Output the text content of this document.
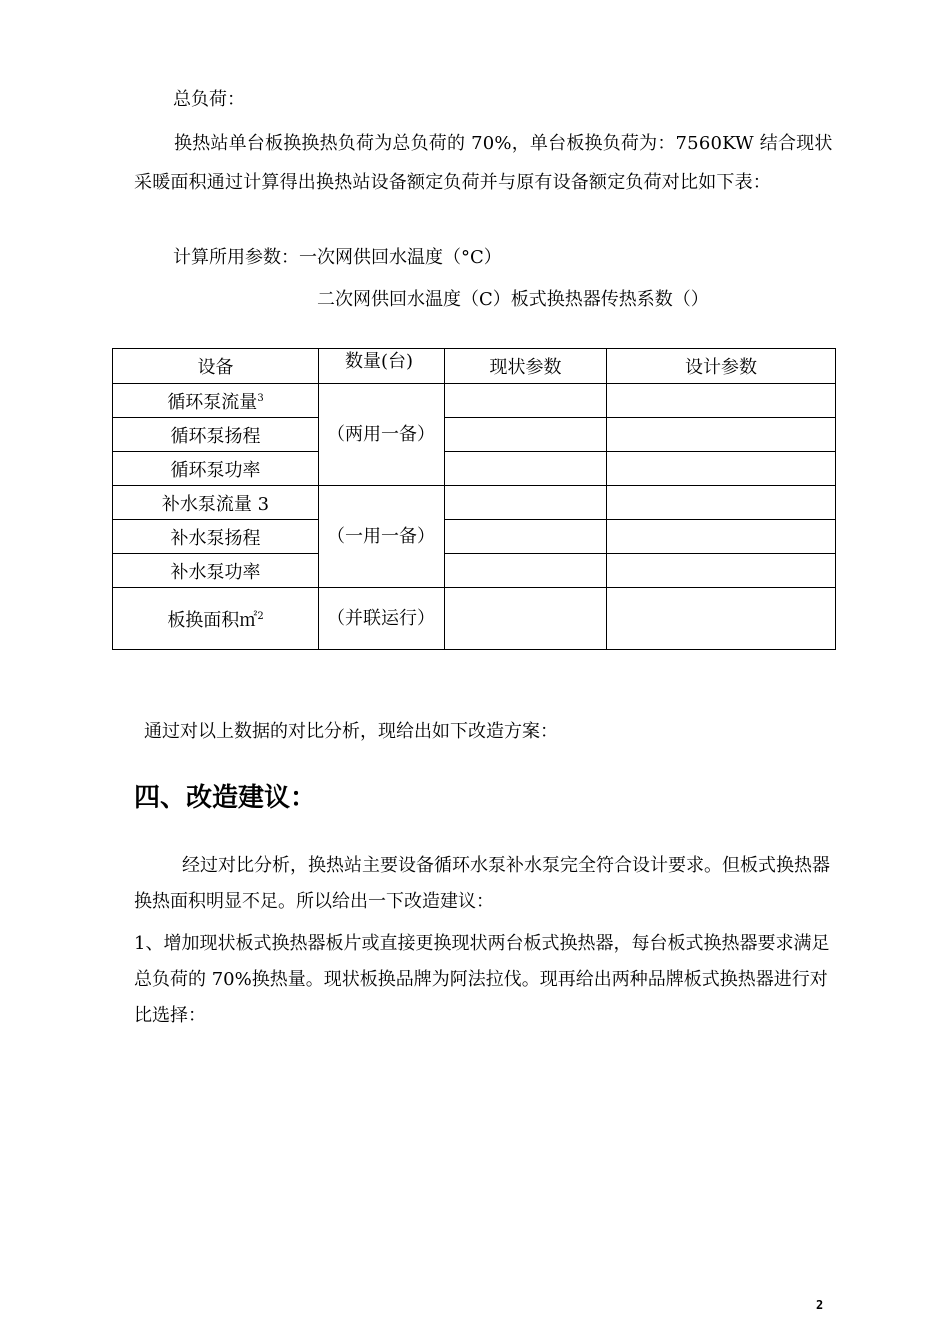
总负荷：
换热站单台板换换热负荷为总负荷的 70%，单台板换负荷为：7560KW 结合现状采暖面积通过计算得出换热站设备额定负荷并与原有设备额定负荷对比如下表：
计算所用参数：一次网供回水温度（°C）
二次网供回水温度（C）板式换热器传热系数（）
设备	数量(台)	现状参数	设计参数
循环泵流量$^3$	（两用一备）		
循环泵扬程			
循环泵功率			
补水泵流量 3	（一用一备）		
补水泵扬程			
补水泵功率			
板换面积㎡$^2$	（并联运行）		
通过对以上数据的对比分析，现给出如下改造方案：
四、改造建议：
经过对比分析，换热站主要设备循环水泵补水泵完全符合设计要求。但板式换热器换热面积明显不足。所以给出一下改造建议：
1、增加现状板式换热器板片或直接更换现状两台板式换热器，每台板式换热器要求满足总负荷的 70%换热量。现状板换品牌为阿法拉伐。现再给出两种品牌板式换热器进行对比选择：
2
